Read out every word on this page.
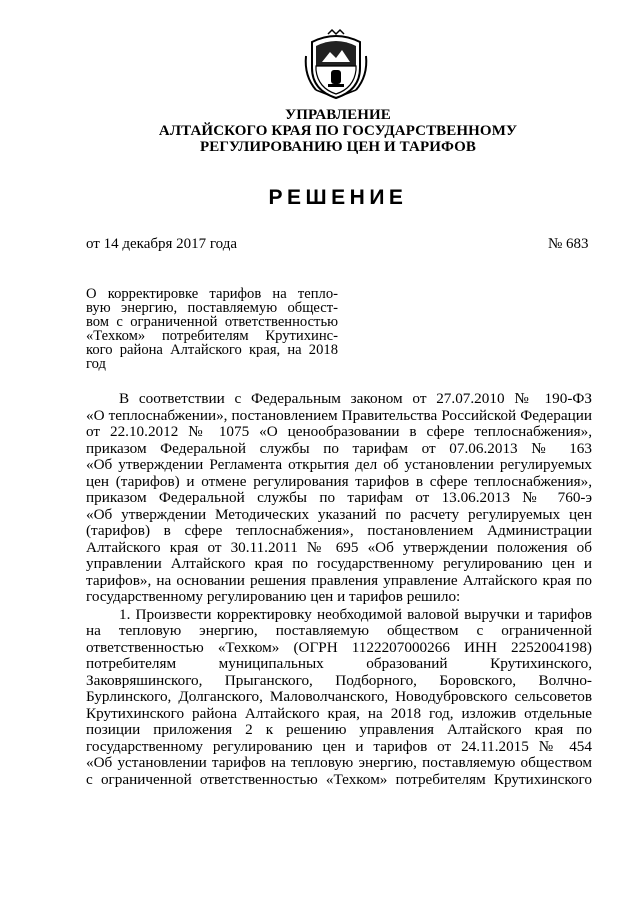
УПРАВЛЕНИЕ
АЛТАЙСКОГО КРАЯ ПО ГОСУДАРСТВЕННОМУ
РЕГУЛИРОВАНИЮ ЦЕН И ТАРИФОВ
РЕШЕНИЕ
от 14 декабря 2017 года	№ 683
О корректировке тарифов на тепло-
вую энергию, поставляемую общест-
вом с ограниченной ответственностью
«Техком» потребителям Крутихинс-
кого района Алтайского края, на 2018
год
В соответствии с Федеральным законом от 27.07.2010 № 190-ФЗ
«О теплоснабжении», постановлением Правительства Российской Федерации
от 22.10.2012 № 1075 «О ценообразовании в сфере теплоснабжения»,
приказом Федеральной службы по тарифам от 07.06.2013 № 163
«Об утверждении Регламента открытия дел об установлении регулируемых
цен (тарифов) и отмене регулирования тарифов в сфере теплоснабжения»,
приказом Федеральной службы по тарифам от 13.06.2013 № 760-э
«Об утверждении Методических указаний по расчету регулируемых цен
(тарифов) в сфере теплоснабжения», постановлением Администрации
Алтайского края от 30.11.2011 № 695 «Об утверждении положения об
управлении Алтайского края по государственному регулированию цен и
тарифов», на основании решения правления управление Алтайского края по
государственному регулированию цен и тарифов решило:
1. Произвести корректировку необходимой валовой выручки и тарифов
на тепловую энергию, поставляемую обществом с ограниченной
ответственностью «Техком» (ОГРН 1122207000266 ИНН 2252004198)
потребителям муниципальных образований Крутихинского,
Заковряшинского, Прыганского, Подборного, Боровского, Волчно-
Бурлинского, Долганского, Маловолчанского, Новодубровского сельсоветов
Крутихинского района Алтайского края, на 2018 год, изложив отдельные
позиции приложения 2 к решению управления Алтайского края по
государственному регулированию цен и тарифов от 24.11.2015 № 454
«Об установлении тарифов на тепловую энергию, поставляемую обществом
с ограниченной ответственностью «Техком» потребителям Крутихинского
